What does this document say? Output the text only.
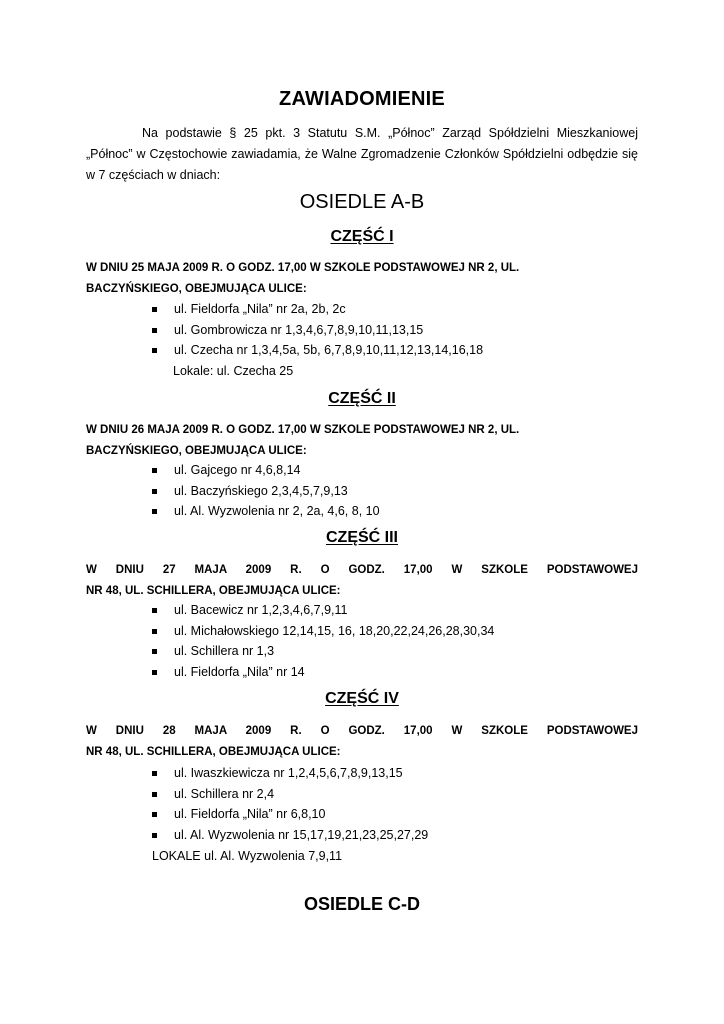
ZAWIADOMIENIE
Na podstawie § 25 pkt. 3 Statutu S.M. „Północ” Zarząd Spółdzielni Mieszkaniowej „Północ” w Częstochowie zawiadamia, że Walne Zgromadzenie Członków Spółdzielni odbędzie się w 7 częściach w dniach:
OSIEDLE A-B
CZĘŚĆ I
W DNIU 25 MAJA 2009 R. O GODZ. 17,00 W SZKOLE PODSTAWOWEJ NR 2, UL.
BACZYŃSKIEGO, OBEJMUJĄCA ULICE:
ul. Fieldorfa „Nila” nr 2a, 2b, 2c
ul. Gombrowicza nr 1,3,4,6,7,8,9,10,11,13,15
ul. Czecha nr 1,3,4,5a, 5b, 6,7,8,9,10,11,12,13,14,16,18
Lokale: ul. Czecha 25
CZĘŚĆ II
W DNIU 26 MAJA 2009 R. O GODZ. 17,00 W SZKOLE PODSTAWOWEJ NR 2, UL.
BACZYŃSKIEGO, OBEJMUJĄCA ULICE:
ul. Gajcego nr 4,6,8,14
ul. Baczyńskiego 2,3,4,5,7,9,13
ul. Al. Wyzwolenia nr 2, 2a, 4,6, 8, 10
CZĘŚĆ III
W DNIU 27 MAJA 2009 R. O GODZ. 17,00 W SZKOLE PODSTAWOWEJ
NR 48, UL. SCHILLERA, OBEJMUJĄCA ULICE:
ul. Bacewicz nr 1,2,3,4,6,7,9,11
ul. Michałowskiego 12,14,15, 16, 18,20,22,24,26,28,30,34
ul. Schillera nr 1,3
ul. Fieldorfa „Nila” nr 14
CZĘŚĆ IV
W DNIU 28 MAJA 2009 R. O GODZ. 17,00 W SZKOLE PODSTAWOWEJ
NR 48, UL. SCHILLERA, OBEJMUJĄCA ULICE:
ul. Iwaszkiewicza nr 1,2,4,5,6,7,8,9,13,15
ul. Schillera nr 2,4
ul. Fieldorfa „Nila” nr 6,8,10
ul. Al. Wyzwolenia nr 15,17,19,21,23,25,27,29
LOKALE ul. Al. Wyzwolenia 7,9,11
OSIEDLE C-D
